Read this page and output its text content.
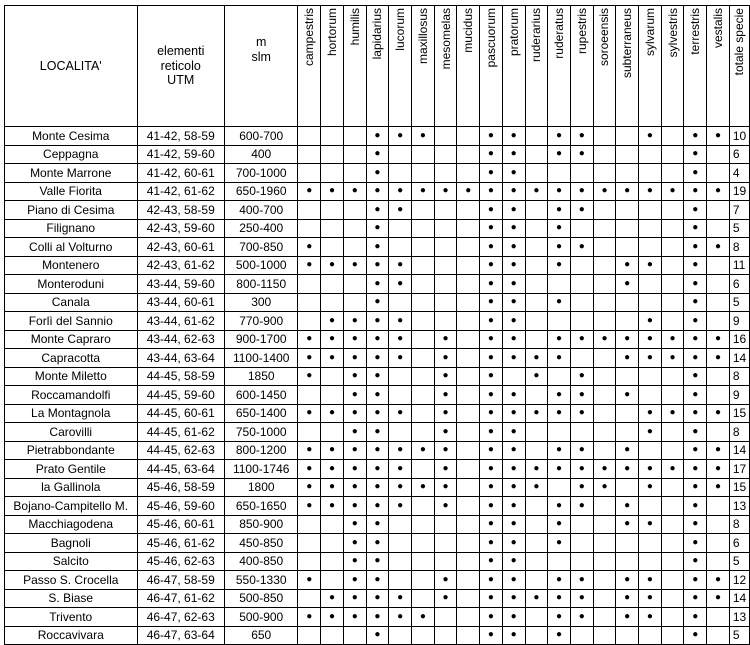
LOCALITA'	elementi reticolo UTM	m
slm	campestris	hortorum	humilis	lapidarius	lucorum	maxillosus	mesomelas	mucidus	pascuorum	pratorum	ruderarius	ruderatus	rupestris	soroeensis	subterraneus	sylvarum	sylvestris	terrestris	vestalis	totale specie
Monte Cesima	41-42, 58-59	600-700				●	●	●			●	●		●	●			●		●	●	10
Ceppagna	41-42, 59-60	400				●					●	●		●	●					●		6
Monte Marrone	41-42, 60-61	700-1000				●					●	●								●		4
Valle Fiorita	41-42, 61-62	650-1960	●	●	●	●	●	●	●	●	●	●	●	●	●	●	●	●	●	●	●	19
Piano di Cesima	42-43, 58-59	400-700				●	●				●	●		●	●					●		7
Filignano	42-43, 59-60	250-400				●					●	●		●						●		5
Colli al Volturno	42-43, 60-61	700-850	●			●					●	●		●	●					●	●	8
Montenero	42-43, 61-62	500-1000	●	●	●	●	●				●	●		●			●	●		●		11
Monteroduni	43-44, 59-60	800-1150				●	●				●	●					●			●		6
Canala	43-44, 60-61	300				●					●	●		●						●		5
Forlì del Sannio	43-44, 61-62	770-900		●	●	●	●				●	●						●		●		9
Monte Capraro	43-44, 62-63	900-1700	●	●	●	●	●		●		●	●		●	●	●	●	●	●	●	●	16
Capracotta	43-44, 63-64	1100-1400	●	●	●	●	●		●		●	●	●	●			●	●	●	●	●	14
Monte Miletto	44-45, 58-59	1850	●		●	●			●		●		●		●					●		8
Roccamandolfi	44-45, 59-60	600-1450			●	●			●		●	●		●	●		●			●		9
La Montagnola	44-45, 60-61	650-1400	●	●	●	●	●		●		●	●	●	●	●			●	●	●	●	15
Carovilli	44-45, 61-62	750-1000			●	●			●		●	●						●		●		8
Pietrabbondante	44-45, 62-63	800-1200	●	●	●	●	●	●	●		●	●		●	●		●			●	●	14
Prato Gentile	44-45, 63-64	1100-1746	●	●	●	●	●		●		●	●	●	●	●	●	●	●	●	●	●	17
la Gallinola	45-46, 58-59	1800	●	●	●	●	●	●	●		●	●	●		●	●		●		●	●	15
Bojano-Campitello M.	45-46, 59-60	650-1650	●	●	●	●	●		●		●	●		●	●		●			●		13
Macchiagodena	45-46, 60-61	850-900			●	●					●	●		●			●	●		●		8
Bagnoli	45-46, 61-62	450-850			●	●					●	●		●						●		6
Salcito	45-46, 62-63	400-850			●	●					●	●								●		5
Passo S. Crocella	46-47, 58-59	550-1330	●		●	●			●		●	●		●	●		●	●		●	●	12
S. Biase	46-47, 61-62	500-850		●	●	●	●		●		●	●	●	●	●		●	●		●	●	14
Trivento	46-47, 62-63	500-900	●	●	●	●	●	●			●	●		●	●		●	●		●		13
Roccavivara	46-47, 63-64	650				●					●	●		●						●		5
